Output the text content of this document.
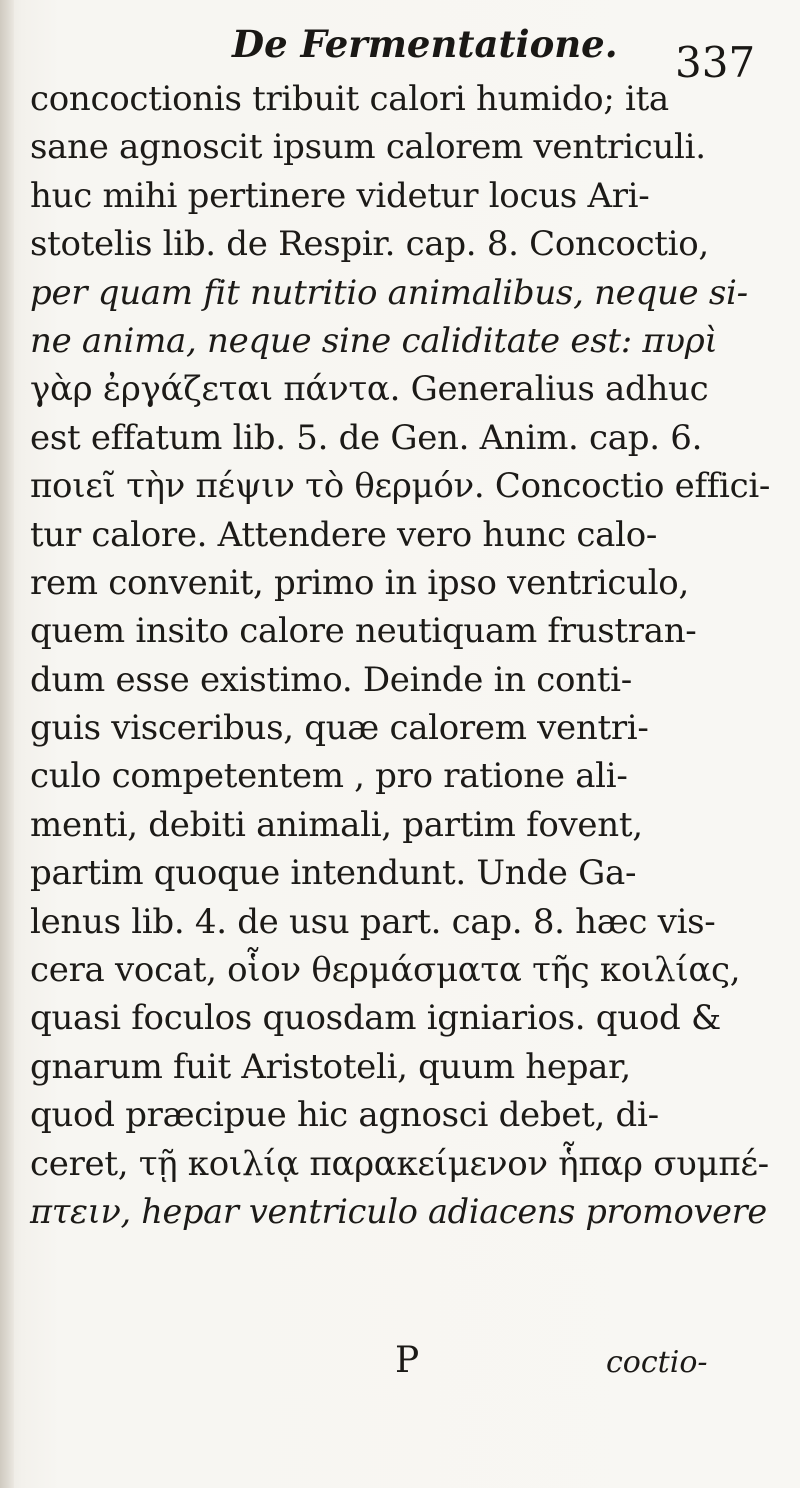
De Fermentatione. 337
concoctionis tribuit calori humido; ita
sane agnoscit ipsum calorem ventriculi.
huc mihi pertinere videtur locus Ari-
stotelis lib. de Respir. cap. 8. Concoctio,
per quam fit nutritio animalibus, neque si-
ne anima, neque sine caliditate est: πυρὶ
γὰρ ἐργάζεται πάντα. Generalius adhuc
est effatum lib. 5. de Gen. Anim. cap. 6.
ποιεῖ τὴν πέψιν τὸ θερμόν. Concoctio effici-
tur calore. Attendere vero hunc calo-
rem convenit, primo in ipso ventriculo,
quem insito calore neutiquam frustran-
dum esse existimo. Deinde in conti-
guis visceribus, quæ calorem ventri-
culo competentem , pro ratione ali-
menti, debiti animali, partim fovent,
partim quoque intendunt. Unde Ga-
lenus lib. 4. de usu part. cap. 8. hæc vis-
cera vocat, οἷον θερμάσματα τῆς κοιλίας,
quasi foculos quosdam igniarios. quod &
gnarum fuit Aristoteli, quum hepar,
quod præcipue hic agnosci debet, di-
ceret, τῇ κοιλίᾳ παρακείμενον ἧπαρ συμπέ-
πτειν, hepar ventriculo adiacens promovere
P	coctio-
